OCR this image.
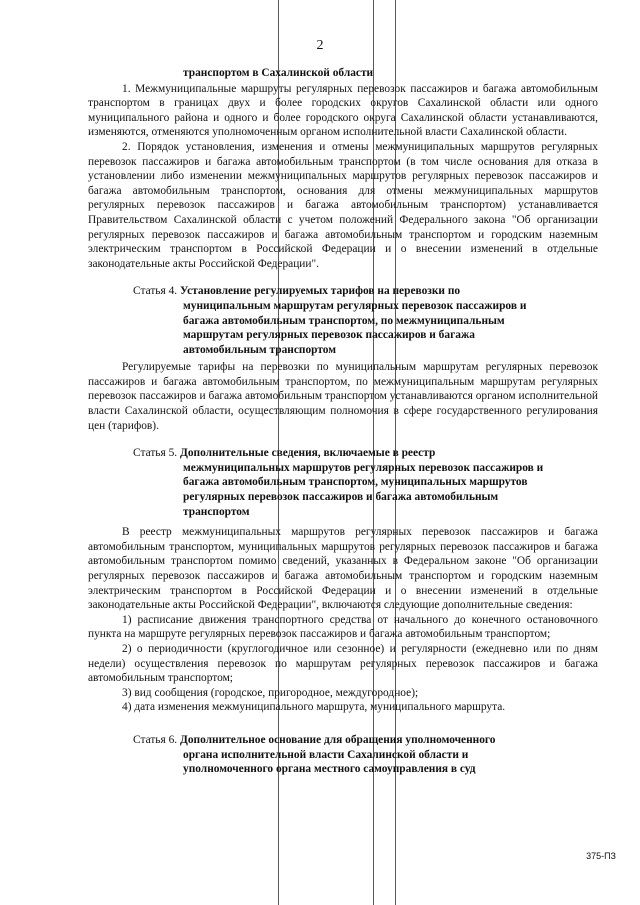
2
транспортом в Сахалинской области

1. Межмуниципальные маршруты регулярных перевозок пассажиров и багажа автомобильным транспортом в границах двух и более городских округов Сахалинской области или одного муниципального района и одного и более городского округа Сахалинской области устанавливаются, изменяются, отменяются уполномоченным органом исполнительной власти Сахалинской области.

2. Порядок установления, изменения и отмены межмуниципальных маршрутов регулярных перевозок пассажиров и багажа автомобильным транспортом (в том числе основания для отказа в установлении либо изменении межмуниципальных маршрутов регулярных перевозок пассажиров и багажа автомобильным транспортом, основания для отмены межмуниципальных маршрутов регулярных перевозок пассажиров и багажа автомобильным транспортом) устанавливается Правительством Сахалинской области с учетом положений Федерального закона "Об организации регулярных перевозок пассажиров и багажа автомобильным транспортом и городским наземным электрическим транспортом в Российской Федерации и о внесении изменений в отдельные законодательные акты Российской Федерации".

Статья 4. Установление регулируемых тарифов на перевозки по
муниципальным маршрутам регулярных перевозок пассажиров и
багажа автомобильным транспортом, по межмуниципальным
маршрутам регулярных перевозок пассажиров и багажа
автомобильным транспортом

Регулируемые тарифы на перевозки по муниципальным маршрутам регулярных перевозок пассажиров и багажа автомобильным транспортом, по межмуниципальным маршрутам регулярных перевозок пассажиров и багажа автомобильным транспортом устанавливаются органом исполнительной власти Сахалинской области, осуществляющим полномочия в сфере государственного регулирования цен (тарифов).

Статья 5. Дополнительные сведения, включаемые в реестр
межмуниципальных маршрутов регулярных перевозок пассажиров и
багажа автомобильным транспортом, муниципальных маршрутов
регулярных перевозок пассажиров и багажа автомобильным
транспортом

В реестр межмуниципальных маршрутов регулярных перевозок пассажиров и багажа автомобильным транспортом, муниципальных маршрутов регулярных перевозок пассажиров и багажа автомобильным транспортом помимо сведений, указанных в Федеральном законе "Об организации регулярных перевозок пассажиров и багажа автомобильным транспортом и городским наземным электрическим транспортом в Российской Федерации и о внесении изменений в отдельные законодательные акты Российской Федерации", включаются следующие дополнительные сведения:

1) расписание движения транспортного средства от начального до конечного остановочного пункта на маршруте регулярных перевозок пассажиров и багажа автомобильным транспортом;

2) о периодичности (круглогодичное или сезонное) и регулярности (ежедневно или по дням недели) осуществления перевозок по маршрутам регулярных перевозок пассажиров и багажа автомобильным транспортом;

3) вид сообщения (городское, пригородное, междугородное);

4) дата изменения межмуниципального маршрута, муниципального маршрута.

Статья 6. Дополнительное основание для обращения уполномоченного
органа исполнительной власти Сахалинской области и
уполномоченного органа местного самоуправления в суд
375-ПЗ
